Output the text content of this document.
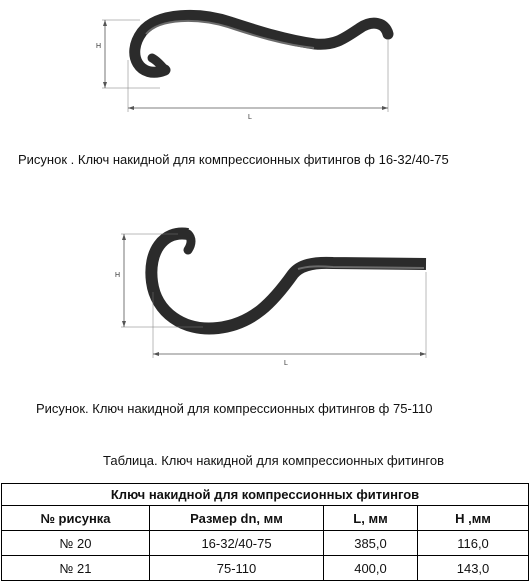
H
L
Рисунок . Ключ накидной для компрессионных фитингов ф 16-32/40-75
H
L
Рисунок. Ключ накидной для компрессионных фитингов ф 75-110
Таблица. Ключ накидной для компрессионных фитингов
Ключ накидной для компрессионных фитингов			
№ рисунка	Размер dn, мм	L, мм	H ,мм
№ 20	16-32/40-75	385,0	116,0
№ 21	75-110	400,0	143,0
